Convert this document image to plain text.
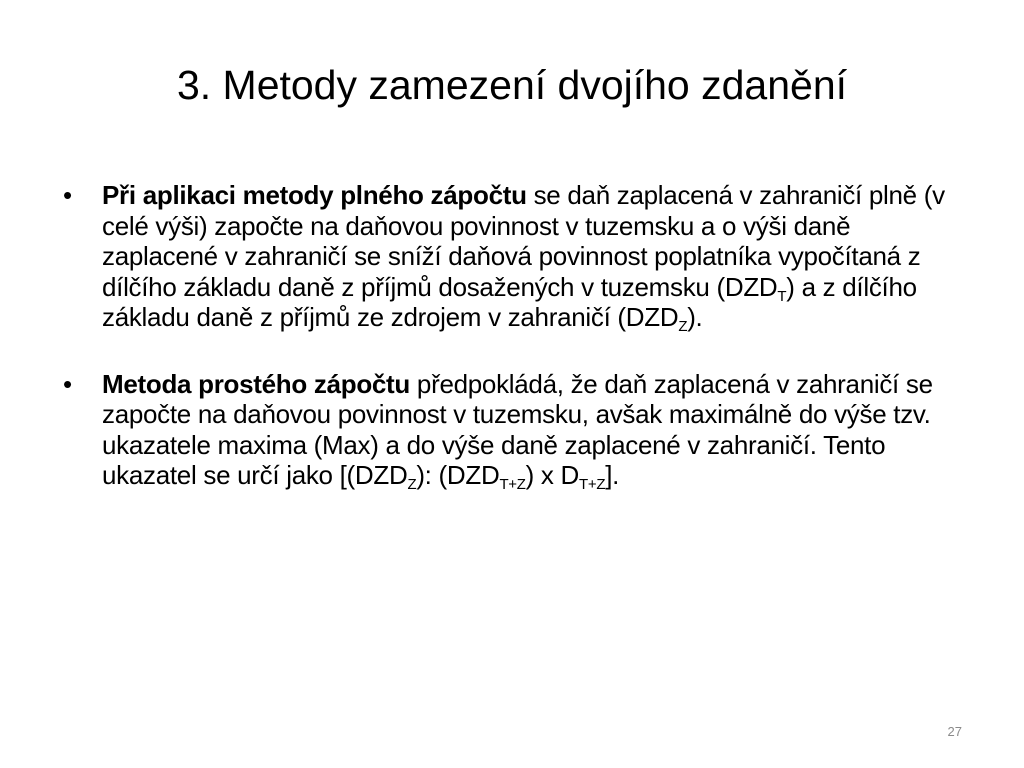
3. Metody zamezení dvojího zdanění
•	Při aplikaci metody plného zápočtu se daň zaplacená v zahraničí plně (v celé výši) započte na daňovou povinnost v tuzemsku a o výši daně zaplacené v zahraničí se sníží daňová povinnost poplatníka vypočítaná z dílčího základu daně z příjmů dosažených v tuzemsku $(DZD_T)$ a z dílčího základu daně z příjmů ze zdrojem v zahraničí $(DZD_Z)$.
•	Metoda prostého zápočtu předpokládá, že daň zaplacená v zahraničí se započte na daňovou povinnost v tuzemsku, avšak maximálně do výše tzv. ukazatele maxima (Max) a do výše daně zaplacené v zahraničí. Tento ukazatel se určí jako [$(DZD_Z)$: $(DZD_{T+Z})$ x $D_{T+Z}$].
27
